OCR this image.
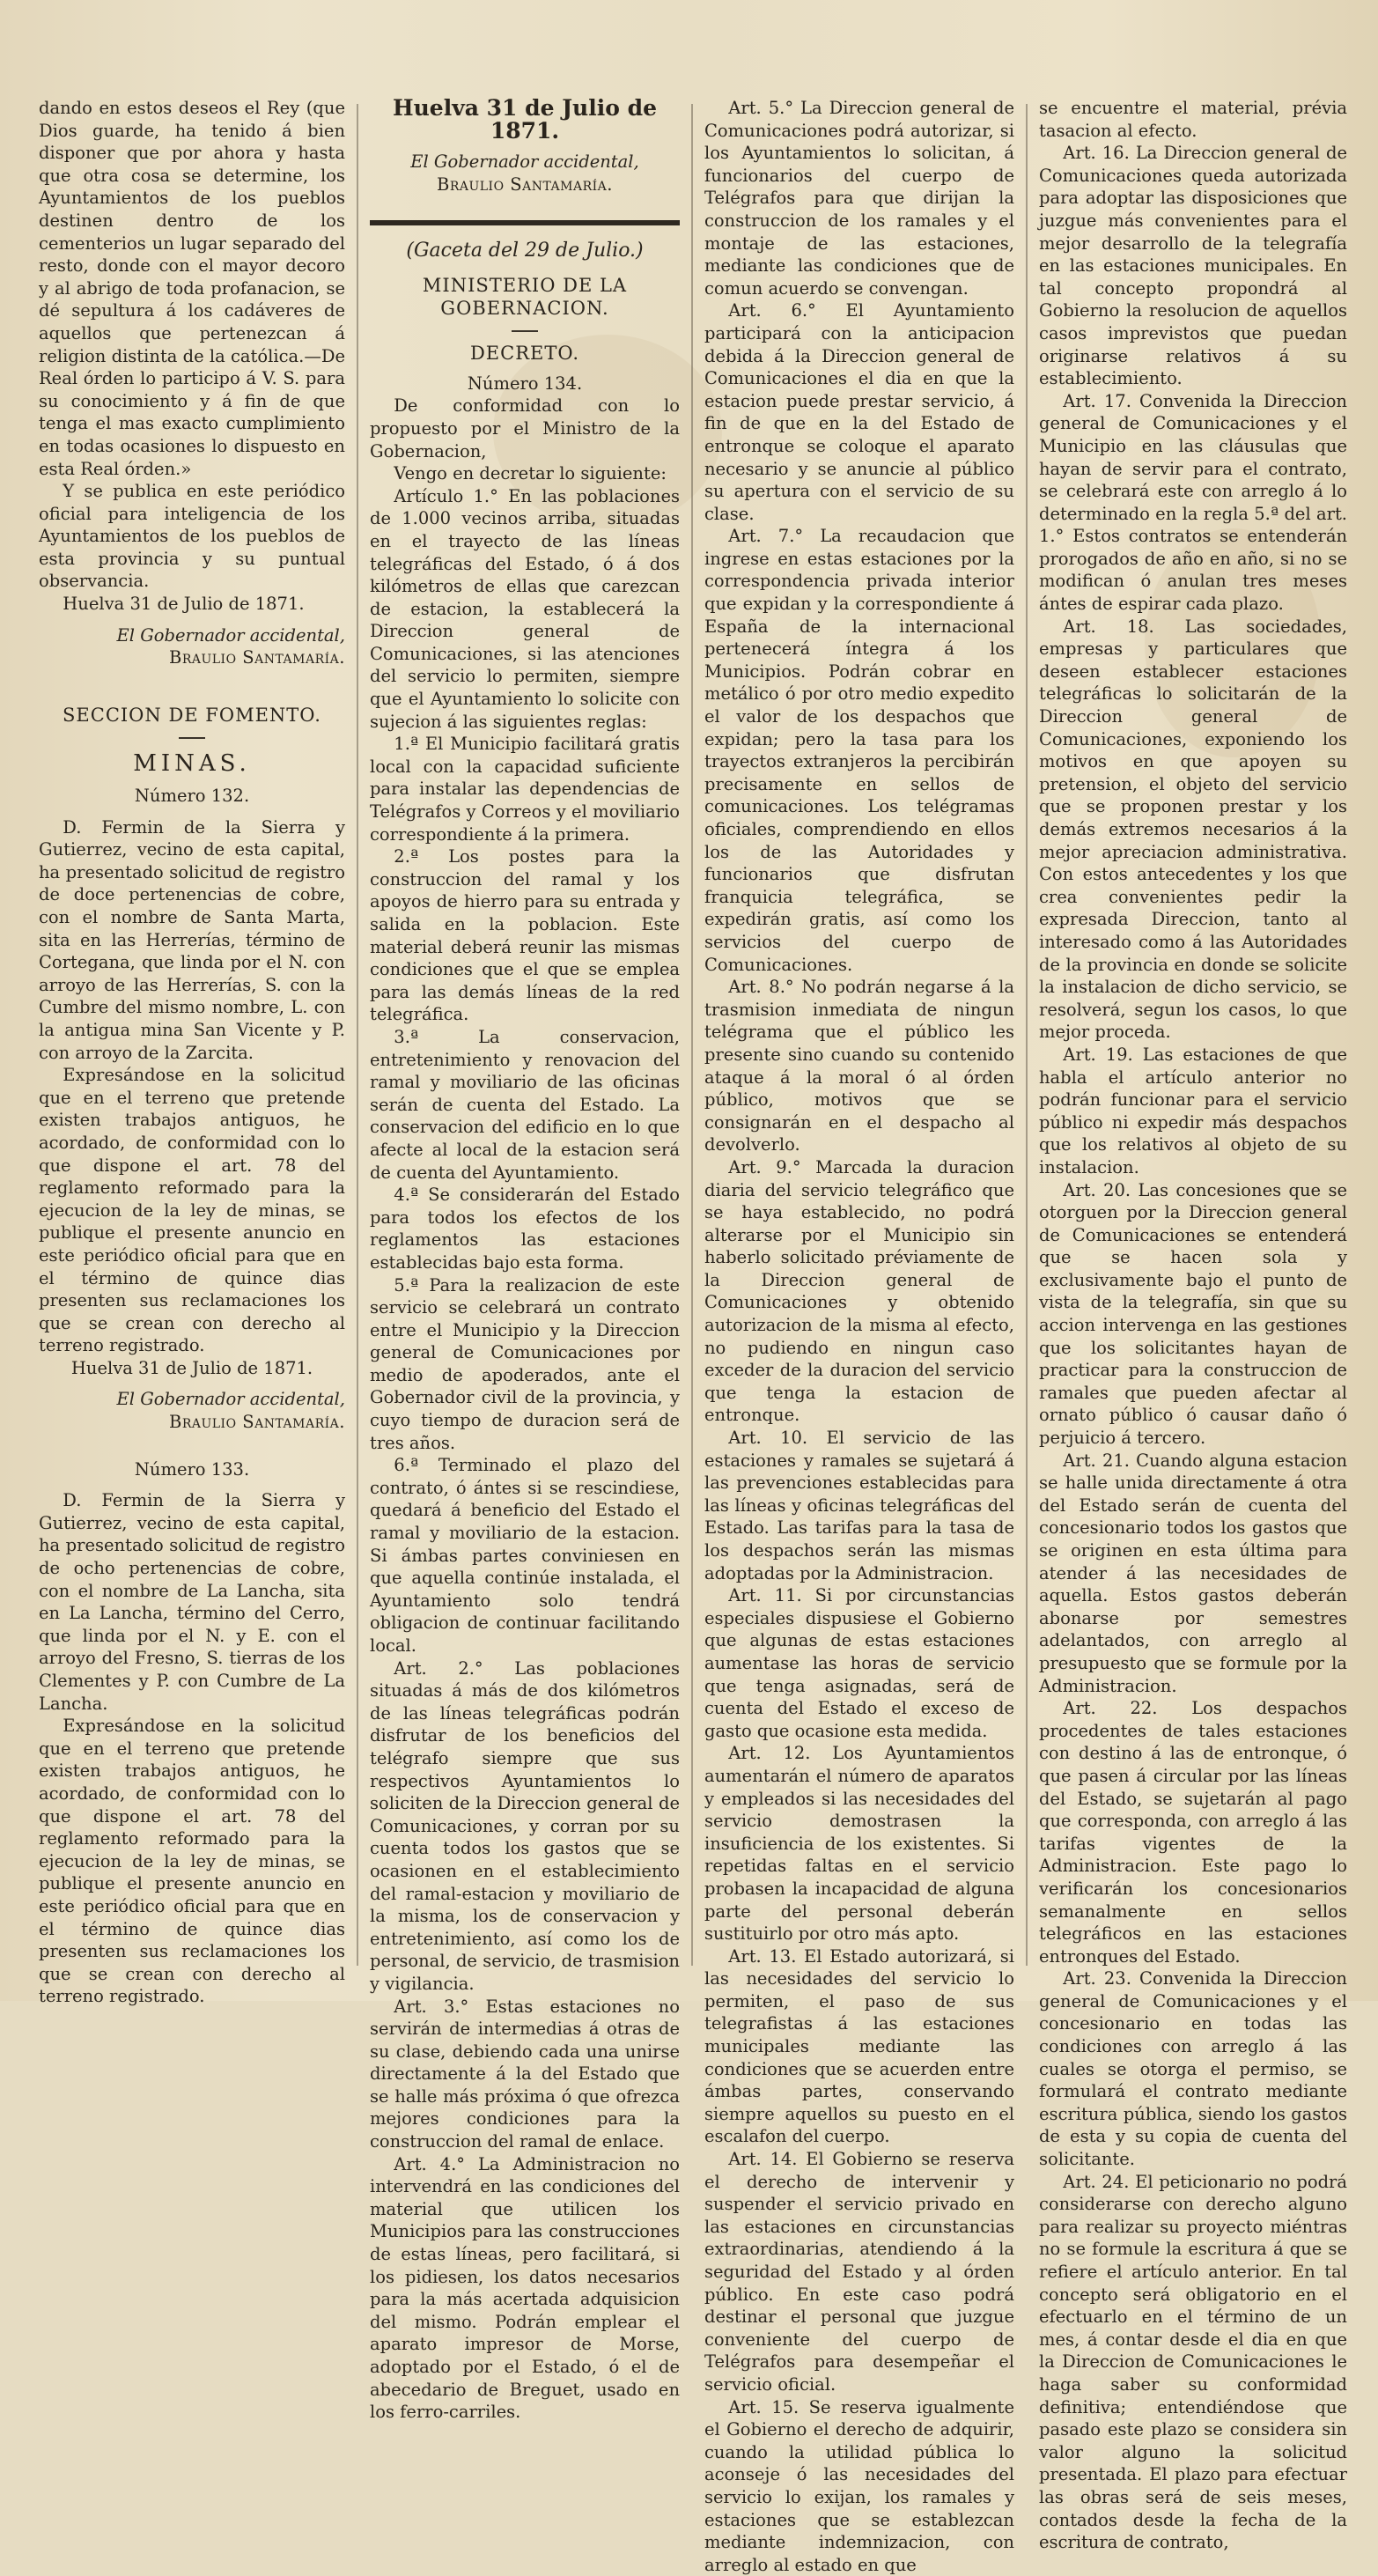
dando en estos deseos el Rey (que Dios guarde, ha tenido á bien disponer que por ahora y hasta que otra cosa se determine, los Ayuntamientos de los pueblos destinen dentro de los cementerios un lugar separado del resto, donde con el mayor decoro y al abrigo de toda profanacion, se dé sepultura á los cadáveres de aquellos que pertenezcan á religion distinta de la católica.—De Real órden lo participo á V. S. para su conocimiento y á fin de que tenga el mas exacto cumplimiento en todas ocasiones lo dispuesto en esta Real órden.»

Y se publica en este periódico oficial para inteligencia de los Ayuntamientos de los pueblos de esta provincia y su puntual observancia.

Huelva 31 de Julio de 1871.

El Gobernador accidental,

Braulio Santamaría.

SECCION DE FOMENTO.
MINAS.

Número 132.

D. Fermin de la Sierra y Gutierrez, vecino de esta capital, ha presentado solicitud de registro de doce pertenencias de cobre, con el nombre de Santa Marta, sita en las Herrerías, término de Cortegana, que linda por el N. con arroyo de las Herrerías, S. con la Cumbre del mismo nombre, L. con la antigua mina San Vicente y P. con arroyo de la Zarcita.

Expresándose en la solicitud que en el terreno que pretende existen trabajos antiguos, he acordado, de conformidad con lo que dispone el art. 78 del reglamento reformado para la ejecucion de la ley de minas, se publique el presente anuncio en este periódico oficial para que en el término de quince dias presenten sus reclamaciones los que se crean con derecho al terreno registrado.

Huelva 31 de Julio de 1871.

El Gobernador accidental,

Braulio Santamaría.

Número 133.

D. Fermin de la Sierra y Gutierrez, vecino de esta capital, ha presentado solicitud de registro de ocho pertenencias de cobre, con el nombre de La Lancha, sita en La Lancha, término del Cerro, que linda por el N. y E. con el arroyo del Fresno, S. tierras de los Clementes y P. con Cumbre de La Lancha.

Expresándose en la solicitud que en el terreno que pretende existen trabajos antiguos, he acordado, de conformidad con lo que dispone el art. 78 del reglamento reformado para la ejecucion de la ley de minas, se publique el presente anuncio en este periódico oficial para que en el término de quince dias presenten sus reclamaciones los que se crean con derecho al terreno registrado.

Huelva 31 de Julio de 1871.

El Gobernador accidental,

Braulio Santamaría.

(Gaceta del 29 de Julio.)

MINISTERIO DE LA GOBERNACION.
DECRETO.

Número 134.

De conformidad con lo propuesto por el Ministro de la Gobernacion,

Vengo en decretar lo siguiente:

Artículo 1.° En las poblaciones de 1.000 vecinos arriba, situadas en el trayecto de las líneas telegráficas del Estado, ó á dos kilómetros de ellas que carezcan de estacion, la establecerá la Direccion general de Comunicaciones, si las atenciones del servicio lo permiten, siempre que el Ayuntamiento lo solicite con sujecion á las siguientes reglas:

1.ª El Municipio facilitará gratis local con la capacidad suficiente para instalar las dependencias de Telégrafos y Correos y el moviliario correspondiente á la primera.

2.ª Los postes para la construccion del ramal y los apoyos de hierro para su entrada y salida en la poblacion. Este material deberá reunir las mismas condiciones que el que se emplea para las demás líneas de la red telegráfica.

3.ª La conservacion, entretenimiento y renovacion del ramal y moviliario de las oficinas serán de cuenta del Estado. La conservacion del edificio en lo que afecte al local de la estacion será de cuenta del Ayuntamiento.

4.ª Se considerarán del Estado para todos los efectos de los reglamentos las estaciones establecidas bajo esta forma.

5.ª Para la realizacion de este servicio se celebrará un contrato entre el Municipio y la Direccion general de Comunicaciones por medio de apoderados, ante el Gobernador civil de la provincia, y cuyo tiempo de duracion será de tres años.

6.ª Terminado el plazo del contrato, ó ántes si se rescindiese, quedará á beneficio del Estado el ramal y moviliario de la estacion. Si ámbas partes conviniesen en que aquella continúe instalada, el Ayuntamiento solo tendrá obligacion de continuar facilitando local.

Art. 2.° Las poblaciones situadas á más de dos kilómetros de las líneas telegráficas podrán disfrutar de los beneficios del telégrafo siempre que sus respectivos Ayuntamientos lo soliciten de la Direccion general de Comunicaciones, y corran por su cuenta todos los gastos que se ocasionen en el establecimiento del ramal-estacion y moviliario de la misma, los de conservacion y entretenimiento, así como los de personal, de servicio, de trasmision y vigilancia.

Art. 3.° Estas estaciones no servirán de intermedias á otras de su clase, debiendo cada una unirse directamente á la del Estado que se halle más próxima ó que ofrezca mejores condiciones para la construccion del ramal de enlace.

Art. 4.° La Administracion no intervendrá en las condiciones del material que utilicen los Municipios para las construcciones de estas líneas, pero facilitará, si los pidiesen, los datos necesarios para la más acertada adquisicion del mismo. Podrán emplear el aparato impresor de Morse, adoptado por el Estado, ó el de abecedario de Breguet, usado en los ferro-carriles.

Art. 5.° La Direccion general de Comunicaciones podrá autorizar, si los Ayuntamientos lo solicitan, á funcionarios del cuerpo de Telégrafos para que dirijan la construccion de los ramales y el montaje de las estaciones, mediante las condiciones que de comun acuerdo se convengan.

Art. 6.° El Ayuntamiento participará con la anticipacion debida á la Direccion general de Comunicaciones el dia en que la estacion puede prestar servicio, á fin de que en la del Estado de entronque se coloque el aparato necesario y se anuncie al público su apertura con el servicio de su clase.

Art. 7.° La recaudacion que ingrese en estas estaciones por la correspondencia privada interior que expidan y la correspondiente á España de la internacional pertenecerá íntegra á los Municipios. Podrán cobrar en metálico ó por otro medio expedito el valor de los despachos que expidan; pero la tasa para los trayectos extranjeros la percibirán precisamente en sellos de comunicaciones. Los telégramas oficiales, comprendiendo en ellos los de las Autoridades y funcionarios que disfrutan franquicia telegráfica, se expedirán gratis, así como los servicios del cuerpo de Comunicaciones.

Art. 8.° No podrán negarse á la trasmision inmediata de ningun telégrama que el público les presente sino cuando su contenido ataque á la moral ó al órden público, motivos que se consignarán en el despacho al devolverlo.

Art. 9.° Marcada la duracion diaria del servicio telegráfico que se haya establecido, no podrá alterarse por el Municipio sin haberlo solicitado préviamente de la Direccion general de Comunicaciones y obtenido autorizacion de la misma al efecto, no pudiendo en ningun caso exceder de la duracion del servicio que tenga la estacion de entronque.

Art. 10. El servicio de las estaciones y ramales se sujetará á las prevenciones establecidas para las líneas y oficinas telegráficas del Estado. Las tarifas para la tasa de los despachos serán las mismas adoptadas por la Administracion.

Art. 11. Si por circunstancias especiales dispusiese el Gobierno que algunas de estas estaciones aumentase las horas de servicio que tenga asignadas, será de cuenta del Estado el exceso de gasto que ocasione esta medida.

Art. 12. Los Ayuntamientos aumentarán el número de aparatos y empleados si las necesidades del servicio demostrasen la insuficiencia de los existentes. Si repetidas faltas en el servicio probasen la incapacidad de alguna parte del personal deberán sustituirlo por otro más apto.

Art. 13. El Estado autorizará, si las necesidades del servicio lo permiten, el paso de sus telegrafistas á las estaciones municipales mediante las condiciones que se acuerden entre ámbas partes, conservando siempre aquellos su puesto en el escalafon del cuerpo.

Art. 14. El Gobierno se reserva el derecho de intervenir y suspender el servicio privado en las estaciones en circunstancias extraordinarias, atendiendo á la seguridad del Estado y al órden público. En este caso podrá destinar el personal que juzgue conveniente del cuerpo de Telégrafos para desempeñar el servicio oficial.

Art. 15. Se reserva igualmente el Gobierno el derecho de adquirir, cuando la utilidad pública lo aconseje ó las necesidades del servicio lo exijan, los ramales y estaciones que se establezcan mediante indemnizacion, con arreglo al estado en que

se encuentre el material, prévia tasacion al efecto.

Art. 16. La Direccion general de Comunicaciones queda autorizada para adoptar las disposiciones que juzgue más convenientes para el mejor desarrollo de la telegrafía en las estaciones municipales. En tal concepto propondrá al Gobierno la resolucion de aquellos casos imprevistos que puedan originarse relativos á su establecimiento.

Art. 17. Convenida la Direccion general de Comunicaciones y el Municipio en las cláusulas que hayan de servir para el contrato, se celebrará este con arreglo á lo determinado en la regla 5.ª del art. 1.° Estos contratos se entenderán prorogados de año en año, si no se modifican ó anulan tres meses ántes de espirar cada plazo.

Art. 18. Las sociedades, empresas y particulares que deseen establecer estaciones telegráficas lo solicitarán de la Direccion general de Comunicaciones, exponiendo los motivos en que apoyen su pretension, el objeto del servicio que se proponen prestar y los demás extremos necesarios á la mejor apreciacion administrativa. Con estos antecedentes y los que crea convenientes pedir la expresada Direccion, tanto al interesado como á las Autoridades de la provincia en donde se solicite la instalacion de dicho servicio, se resolverá, segun los casos, lo que mejor proceda.

Art. 19. Las estaciones de que habla el artículo anterior no podrán funcionar para el servicio público ni expedir más despachos que los relativos al objeto de su instalacion.

Art. 20. Las concesiones que se otorguen por la Direccion general de Comunicaciones se entenderá que se hacen sola y exclusivamente bajo el punto de vista de la telegrafía, sin que su accion intervenga en las gestiones que los solicitantes hayan de practicar para la construccion de ramales que pueden afectar al ornato público ó causar daño ó perjuicio á tercero.

Art. 21. Cuando alguna estacion se halle unida directamente á otra del Estado serán de cuenta del concesionario todos los gastos que se originen en esta última para atender á las necesidades de aquella. Estos gastos deberán abonarse por semestres adelantados, con arreglo al presupuesto que se formule por la Administracion.

Art. 22. Los despachos procedentes de tales estaciones con destino á las de entronque, ó que pasen á circular por las líneas del Estado, se sujetarán al pago que corresponda, con arreglo á las tarifas vigentes de la Administracion. Este pago lo verificarán los concesionarios semanalmente en sellos telegráficos en las estaciones entronques del Estado.

Art. 23. Convenida la Direccion general de Comunicaciones y el concesionario en todas las condiciones con arreglo á las cuales se otorga el permiso, se formulará el contrato mediante escritura pública, siendo los gastos de esta y su copia de cuenta del solicitante.

Art. 24. El peticionario no podrá considerarse con derecho alguno para realizar su proyecto miéntras no se formule la escritura á que se refiere el artículo anterior. En tal concepto será obligatorio en el efectuarlo en el término de un mes, á contar desde el dia en que la Direccion de Comunicaciones le haga saber su conformidad definitiva; entendiéndose que pasado este plazo se considera sin valor alguno la solicitud presentada. El plazo para efectuar las obras será de seis meses, contados desde la fecha de la escritura de contrato,
